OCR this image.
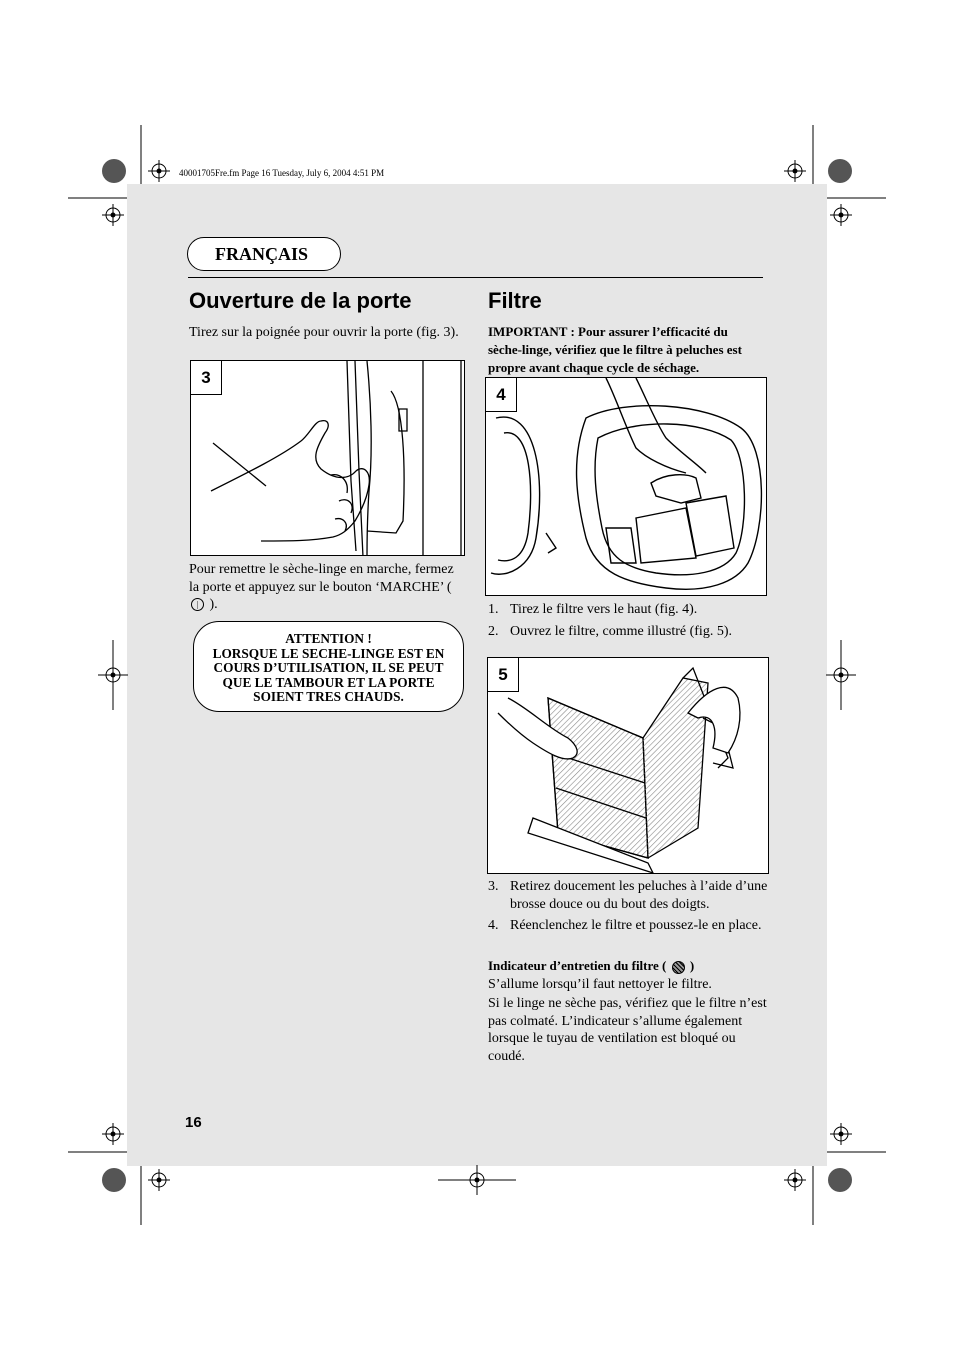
40001705Fre.fm Page 16 Tuesday, July 6, 2004 4:51 PM
FRANÇAIS
Ouverture de la porte
Tirez sur la poignée pour ouvrir la porte (fig. 3).
3
Pour remettre le sèche-linge en marche, fermez la porte et appuyez sur le bouton ‘MARCHE’ ( | ).
ATTENTION !
LORSQUE LE SECHE-LINGE EST EN
COURS D’UTILISATION, IL SE PEUT
QUE LE TAMBOUR ET LA PORTE
SOIENT TRES CHAUDS.
Filtre
IMPORTANT : Pour assurer l’efficacité du sèche-linge, vérifiez que le filtre à peluches est propre avant chaque cycle de séchage.
4
1. Tirez le filtre vers le haut (fig. 4).
2. Ouvrez le filtre, comme illustré (fig. 5).
5
3. Retirez doucement les peluches à l’aide d’une brosse douce ou du bout des doigts.
4. Réenclenchez le filtre et poussez-le en place.
Indicateur d’entretien du filtre ( )
S’allume lorsqu’il faut nettoyer le filtre.
Si le linge ne sèche pas, vérifiez que le filtre n’est pas colmaté. L’indicateur s’allume également lorsque le tuyau de ventilation est bloqué ou coudé.
16
